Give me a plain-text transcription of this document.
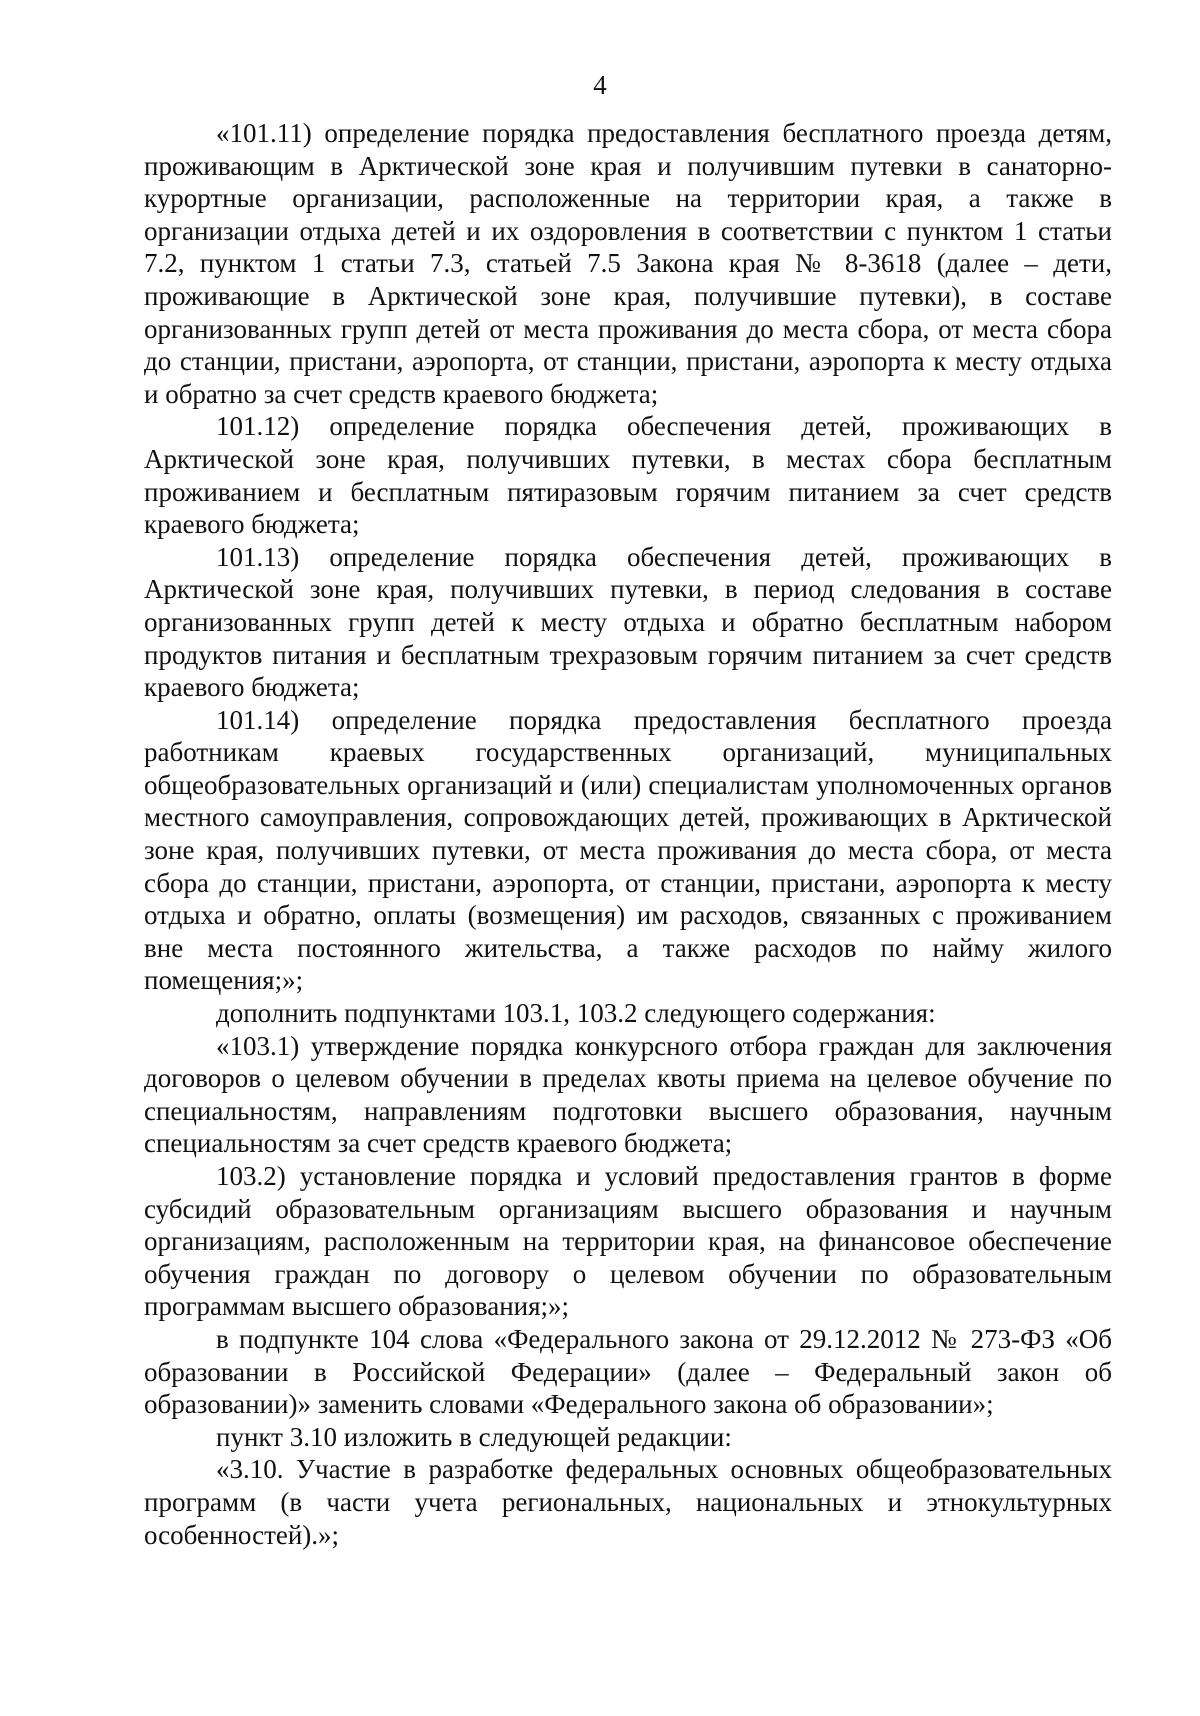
4

«101.11) определение порядка предоставления бесплатного проезда детям, проживающим в Арктической зоне края и получившим путевки в санаторно-курортные организации, расположенные на территории края, а также в организации отдыха детей и их оздоровления в соответствии с пунктом 1 статьи 7.2, пунктом 1 статьи 7.3, статьей 7.5 Закона края № 8-3618 (далее – дети, проживающие в Арктической зоне края, получившие путевки), в составе организованных групп детей от места проживания до места сбора, от места сбора до станции, пристани, аэропорта, от станции, пристани, аэропорта к месту отдыха и обратно за счет средств краевого бюджета;

101.12) определение порядка обеспечения детей, проживающих в Арктической зоне края, получивших путевки, в местах сбора бесплатным проживанием и бесплатным пятиразовым горячим питанием за счет средств краевого бюджета;

101.13) определение порядка обеспечения детей, проживающих в Арктической зоне края, получивших путевки, в период следования в составе организованных групп детей к месту отдыха и обратно бесплатным набором продуктов питания и бесплатным трехразовым горячим питанием за счет средств краевого бюджета;

101.14) определение порядка предоставления бесплатного проезда работникам краевых государственных организаций, муниципальных общеобразовательных организаций и (или) специалистам уполномоченных органов местного самоуправления, сопровождающих детей, проживающих в Арктической зоне края, получивших путевки, от места проживания до места сбора, от места сбора до станции, пристани, аэропорта, от станции, пристани, аэропорта к месту отдыха и обратно, оплаты (возмещения) им расходов, связанных с проживанием вне места постоянного жительства, а также расходов по найму жилого помещения;»;

дополнить подпунктами 103.1, 103.2 следующего содержания:

«103.1) утверждение порядка конкурсного отбора граждан для заключения договоров о целевом обучении в пределах квоты приема на целевое обучение по специальностям, направлениям подготовки высшего образования, научным специальностям за счет средств краевого бюджета;

103.2) установление порядка и условий предоставления грантов в форме субсидий образовательным организациям высшего образования и научным организациям, расположенным на территории края, на финансовое обеспечение обучения граждан по договору о целевом обучении по образовательным программам высшего образования;»;

в подпункте 104 слова «Федерального закона от 29.12.2012 № 273-ФЗ «Об образовании в Российской Федерации» (далее – Федеральный закон об образовании)» заменить словами «Федерального закона об образовании»;

пункт 3.10 изложить в следующей редакции:

«3.10. Участие в разработке федеральных основных общеобразовательных программ (в части учета региональных, национальных и этнокультурных особенностей).»;
